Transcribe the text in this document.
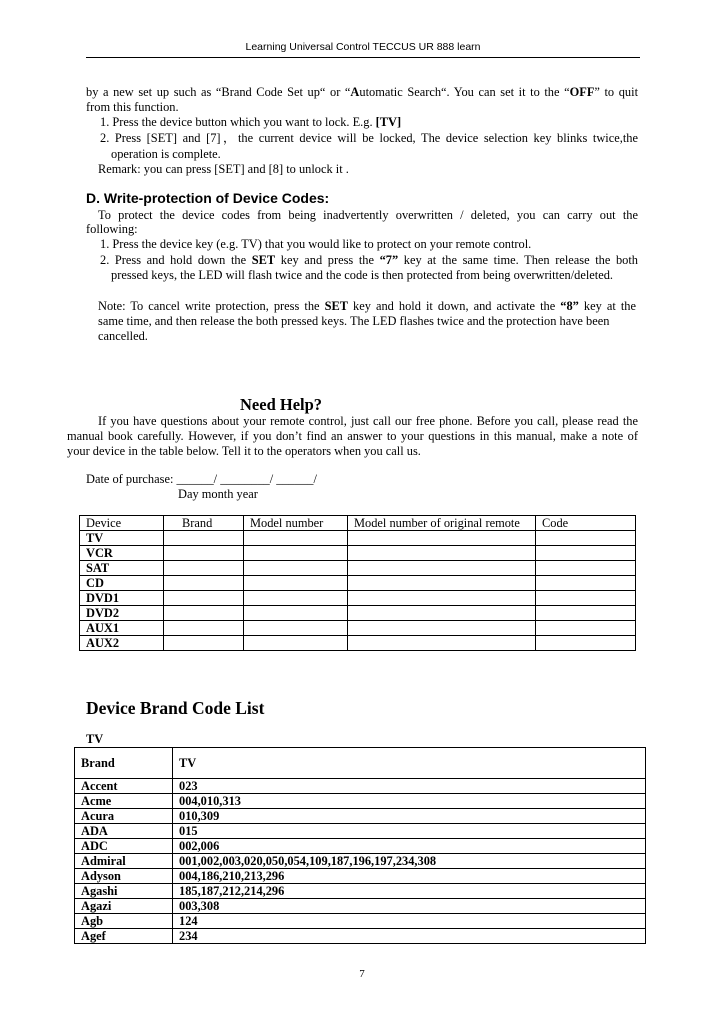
Learning Universal Control TECCUS UR 888 learn
by a new set up such as “Brand Code Set up“ or “Automatic Search“. You can set it to the “OFF” to quit
from this function.
1. Press the device button which you want to lock. E.g. [TV]
2. Press [SET] and [7]，the current device will be locked, The device selection key blinks twice,the
operation is complete.
Remark: you can press [SET] and [8] to unlock it .
D. Write-protection of Device Codes:
To protect the device codes from being inadvertently overwritten / deleted, you can carry out the
following:
1. Press the device key (e.g. TV) that you would like to protect on your remote control.
2. Press and hold down the SET key and press the “7” key at the same time. Then release the both
pressed keys, the LED will flash twice and the code is then protected from being overwritten/deleted.
Note: To cancel write protection, press the SET key and hold it down, and activate the “8” key at the
same time, and then release the both pressed keys. The LED flashes twice and the protection have been
cancelled.
Need Help?
If you have questions about your remote control, just call our free phone. Before you call, please read the
manual book carefully. However, if you don’t find an answer to your questions in this manual, make a note of
your device in the table below. Tell it to the operators when you call us.
Date of purchase: ______/ ________/ ______/
Day month year
Device	Brand	Model number	Model number of original remote	Code
TV				
VCR				
SAT				
CD				
DVD1				
DVD2				
AUX1				
AUX2				
Device Brand Code List
TV
Brand	TV
Accent	023
Acme	004,010,313
Acura	010,309
ADA	015
ADC	002,006
Admiral	001,002,003,020,050,054,109,187,196,197,234,308
Adyson	004,186,210,213,296
Agashi	185,187,212,214,296
Agazi	003,308
Agb	124
Agef	234
7
